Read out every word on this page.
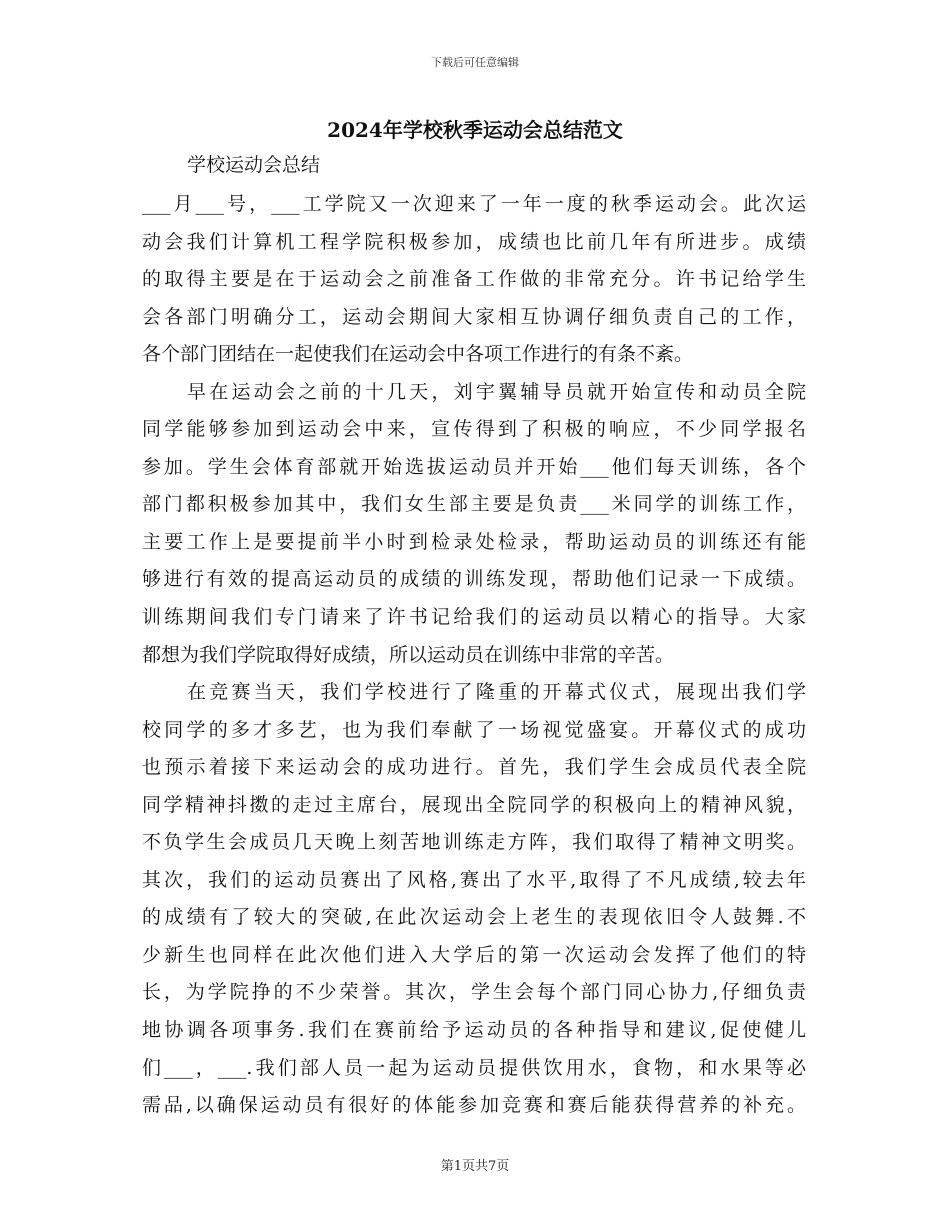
下载后可任意编辑
2024年学校秋季运动会总结范文
学校运动会总结
___月___号，___工学院又一次迎来了一年一度的秋季运动会。此次运
动会我们计算机工程学院积极参加，成绩也比前几年有所进步。成绩
的取得主要是在于运动会之前准备工作做的非常充分。许书记给学生
会各部门明确分工，运动会期间大家相互协调仔细负责自己的工作，
各个部门团结在一起使我们在运动会中各项工作进行的有条不紊。
早在运动会之前的十几天，刘宇翼辅导员就开始宣传和动员全院
同学能够参加到运动会中来，宣传得到了积极的响应，不少同学报名
参加。学生会体育部就开始选拔运动员并开始___他们每天训练，各个
部门都积极参加其中，我们女生部主要是负责___米同学的训练工作，
主要工作上是要提前半小时到检录处检录，帮助运动员的训练还有能
够进行有效的提高运动员的成绩的训练发现，帮助他们记录一下成绩。
训练期间我们专门请来了许书记给我们的运动员以精心的指导。大家
都想为我们学院取得好成绩，所以运动员在训练中非常的辛苦。
在竞赛当天，我们学校进行了隆重的开幕式仪式，展现出我们学
校同学的多才多艺，也为我们奉献了一场视觉盛宴。开幕仪式的成功
也预示着接下来运动会的成功进行。首先，我们学生会成员代表全院
同学精神抖擞的走过主席台，展现出全院同学的积极向上的精神风貌，
不负学生会成员几天晚上刻苦地训练走方阵，我们取得了精神文明奖。
其次，我们的运动员赛出了风格,赛出了水平,取得了不凡成绩,较去年
的成绩有了较大的突破,在此次运动会上老生的表现依旧令人鼓舞.不
少新生也同样在此次他们进入大学后的第一次运动会发挥了他们的特
长，为学院挣的不少荣誉。其次，学生会每个部门同心协力,仔细负责
地协调各项事务.我们在赛前给予运动员的各种指导和建议,促使健儿
们___，___.我们部人员一起为运动员提供饮用水，食物，和水果等必
需品,以确保运动员有很好的体能参加竞赛和赛后能获得营养的补充。
第1页共7页
